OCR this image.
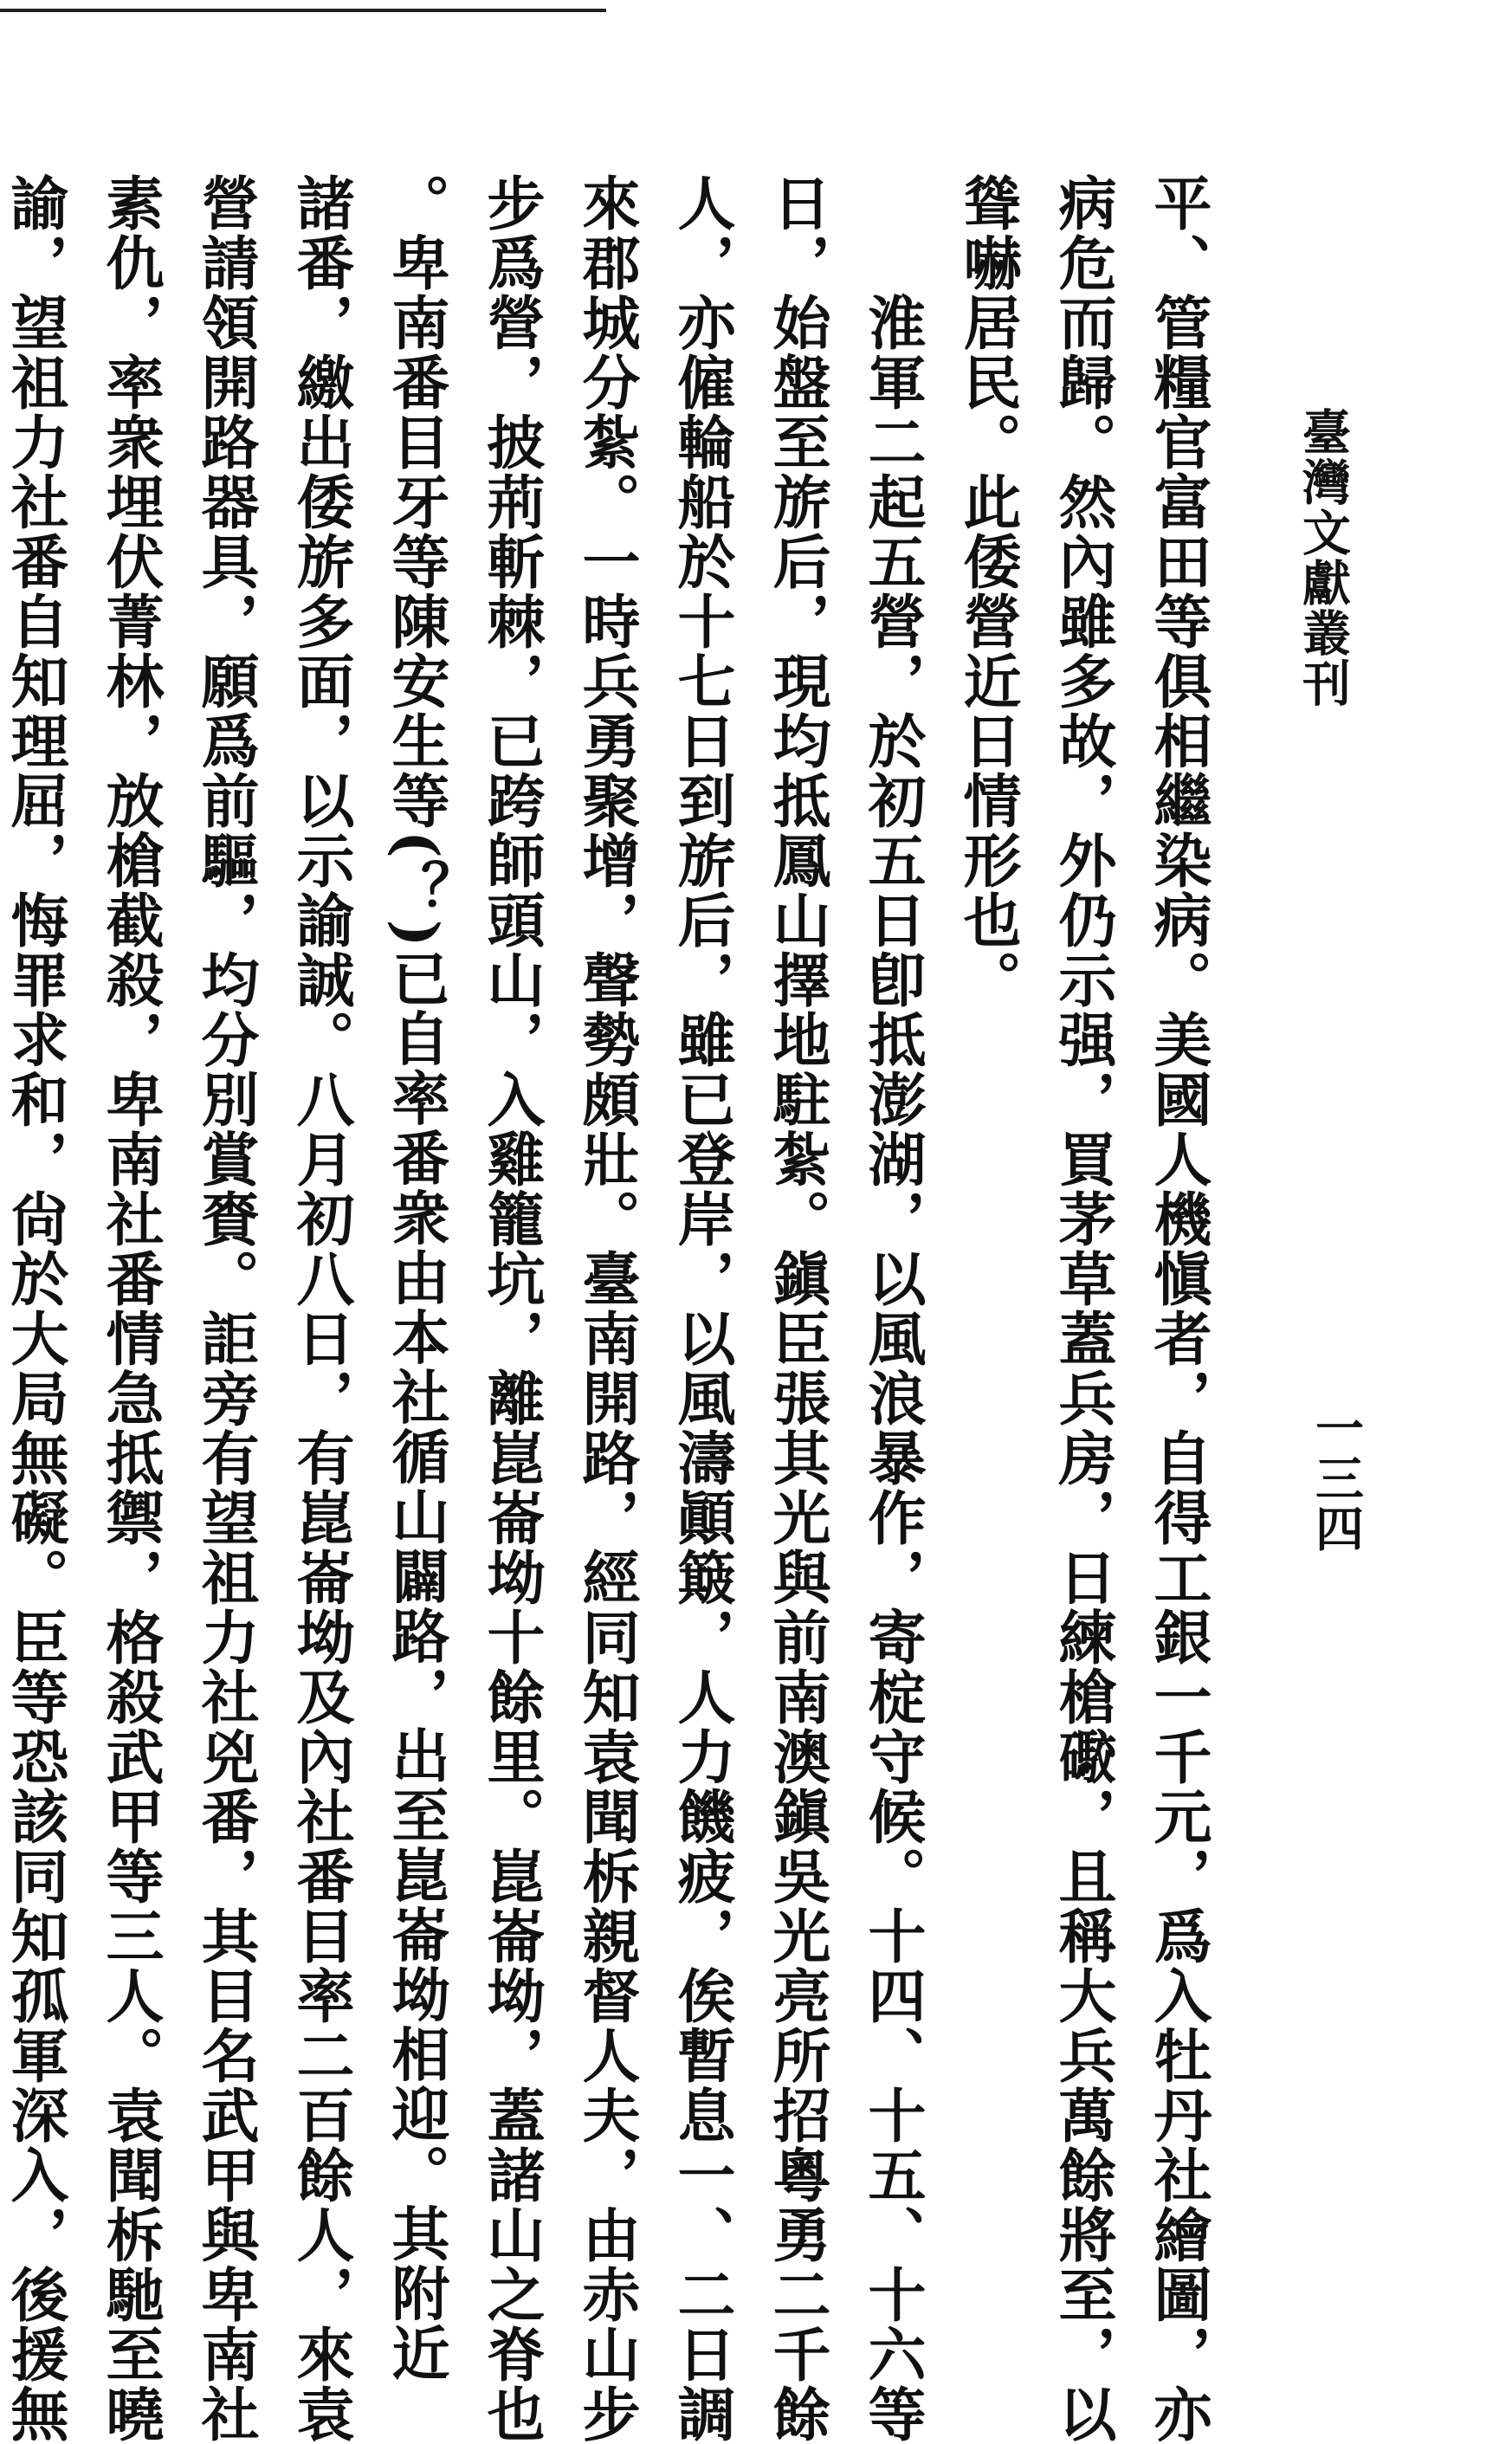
臺灣文獻叢刊
一三四
平、管糧官富田等俱相繼染病。美國人機愼者，自得工銀一千元，爲入牡丹社繪圖，亦
病危而歸。然內雖多故，外仍示强，買茅草蓋兵房，日練槍礮，且稱大兵萬餘將至，以
聳嚇居民。此倭營近日情形也。
　　淮軍二起五營，於初五日卽抵澎湖，以風浪暴作，寄椗守候。十四、十五、十六等
日，始盤至旂后，現均抵鳳山擇地駐紮。鎭臣張其光與前南澳鎭吳光亮所招粵勇二千餘
人，亦僱輪船於十七日到旂后，雖已登岸，以風濤顚簸，人力饑疲，俟暫息一、二日調
來郡城分紮。一時兵勇聚增，聲勢頗壯。臺南開路，經同知袁聞柝親督人夫，由赤山步
步爲營，披荊斬棘，已跨師頭山，入雞籠坑，離崑崙坳十餘里。崑崙坳，蓋諸山之脊也
。卑南番目牙等陳安生等(？)已自率番衆由本社循山闢路，出至崑崙坳相迎。其附近
諸番，繳出倭旂多面，以示諭誠。八月初八日，有崑崙坳及內社番目率二百餘人，來袁
營請領開路器具，願爲前驅，均分別賞賚。詎旁有望祖力社兇番，其目名武甲與卑南社
素仇，率衆埋伏菁林，放槍截殺，卑南社番情急抵禦，格殺武甲等三人。袁聞柝馳至曉
諭，望祖力社番自知理屈，悔罪求和，尙於大局無礙。臣等恐該同知孤軍深入，後援無
